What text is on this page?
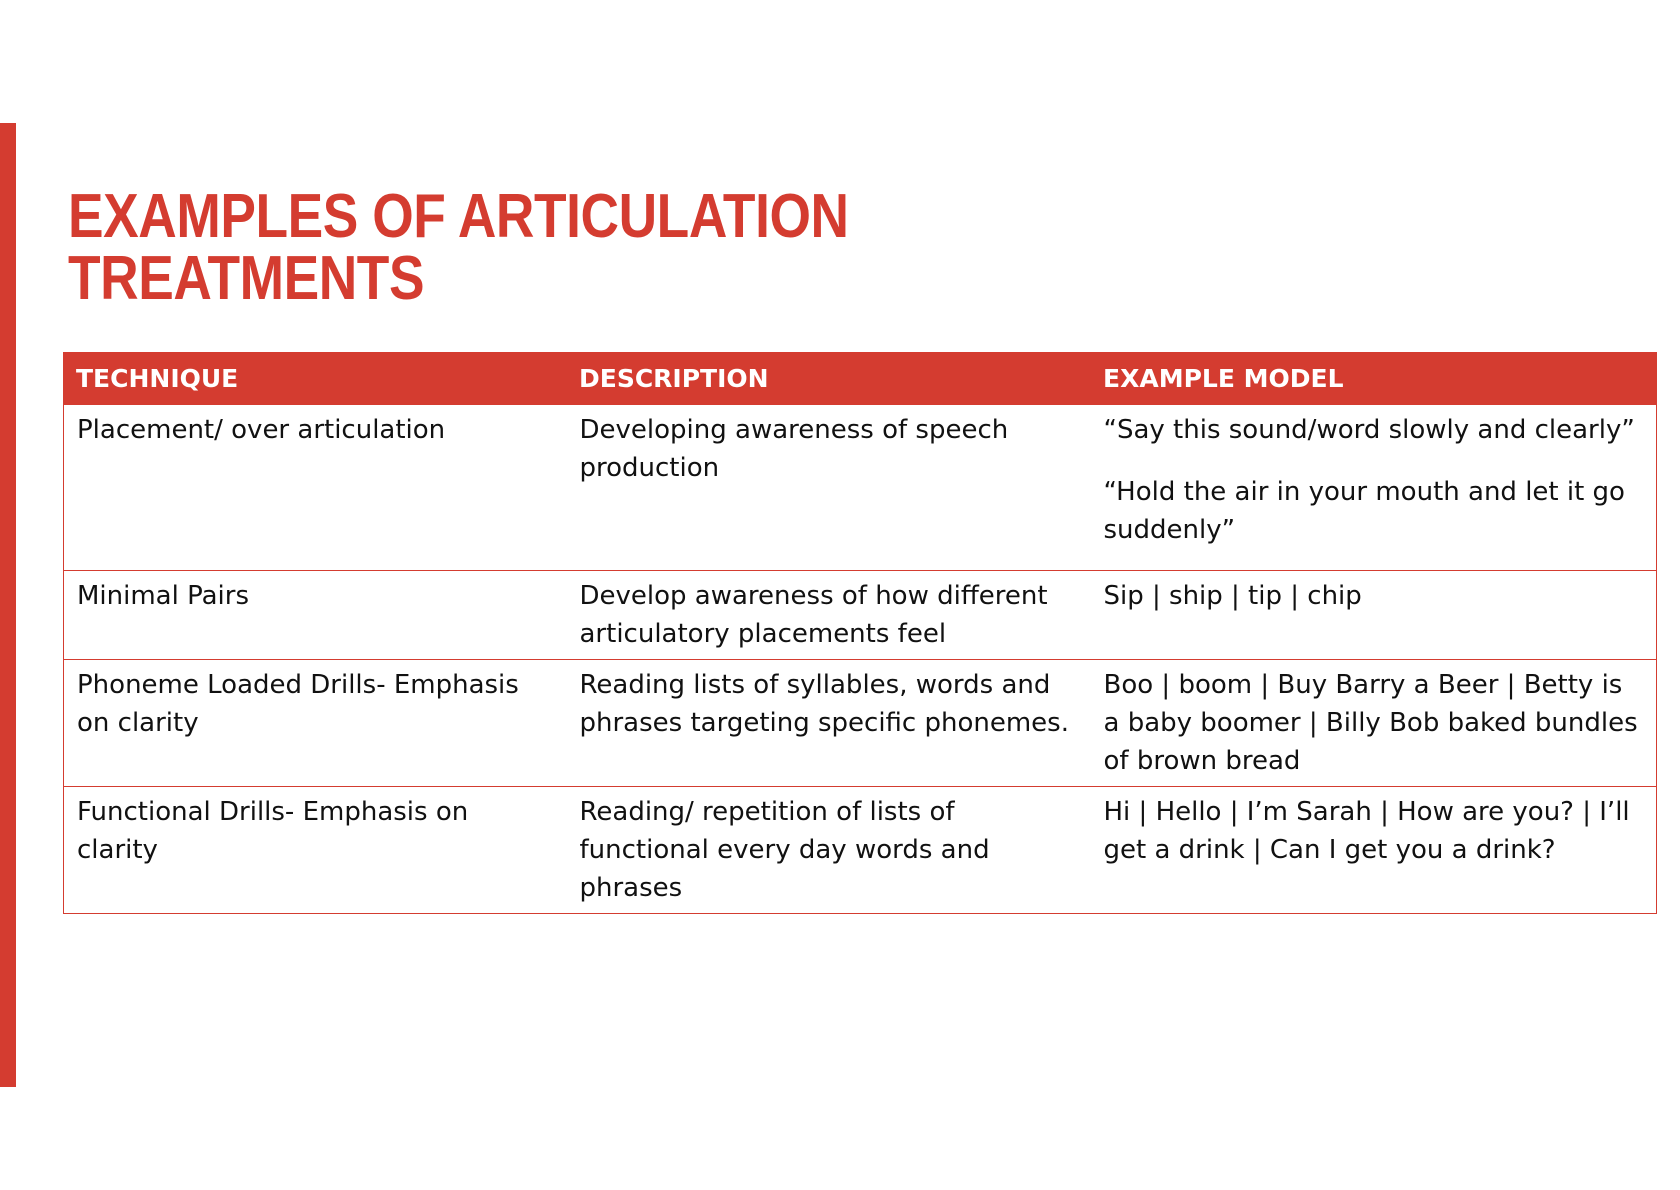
EXAMPLES OF ARTICULATION
TREATMENTS
TECHNIQUE	DESCRIPTION	EXAMPLE MODEL
Placement/ over articulation	Developing awareness of speech production	“Say this sound/word slowly and clearly”
“Hold the air in your mouth and let it go suddenly”

Minimal Pairs	Develop awareness of how different articulatory placements feel	Sip | ship | tip | chip

Phoneme Loaded Drills- Emphasis on clarity	Reading lists of syllables, words and phrases targeting specific phonemes.	Boo | boom | Buy Barry a Beer | Betty is a baby boomer | Billy Bob baked bundles of brown bread

Functional Drills- Emphasis on clarity	Reading/ repetition of lists of functional every day words and phrases	Hi | Hello | I’m Sarah | How are you? | I’ll get a drink | Can I get you a drink?
